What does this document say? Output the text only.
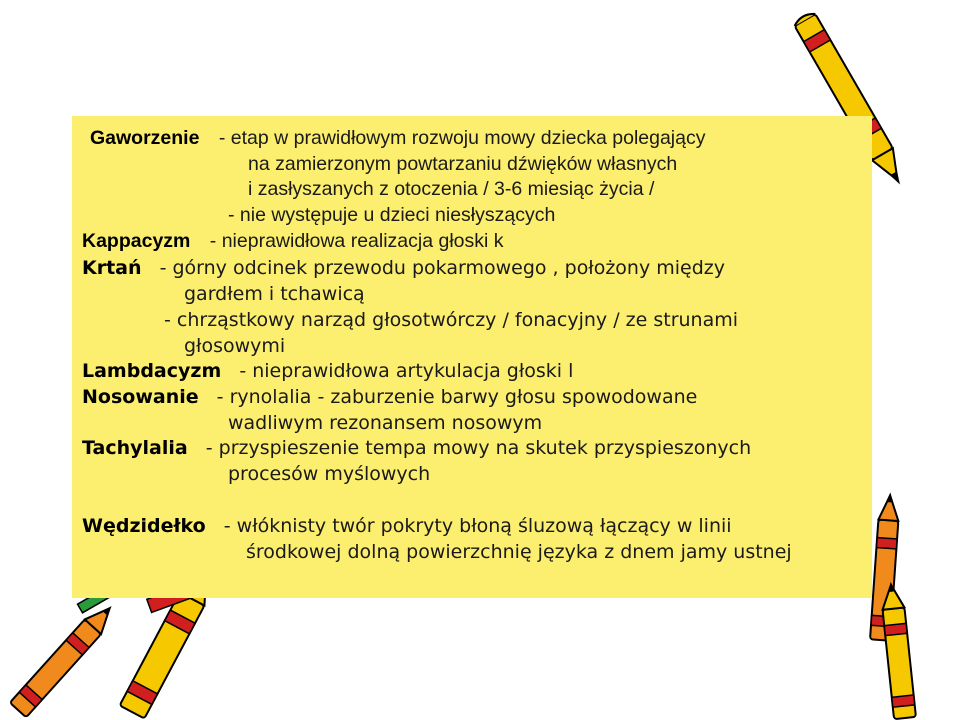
Gaworzenie - etap w prawidłowym rozwoju mowy dziecka polegający
na zamierzonym powtarzaniu dźwięków własnych
i zasłyszanych z otoczenia / 3-6 miesiąc życia /
- nie występuje u dzieci niesłyszących
Kappacyzm - nieprawidłowa realizacja głoski k
Krtań - górny odcinek przewodu pokarmowego , położony między
gardłem i tchawicą
- chrząstkowy narząd głosotwórczy / fonacyjny / ze strunami
głosowymi
Lambdacyzm - nieprawidłowa artykulacja głoski l
Nosowanie - rynolalia - zaburzenie barwy głosu spowodowane
wadliwym rezonansem nosowym
Tachylalia - przyspieszenie tempa mowy na skutek przyspieszonych
procesów myślowych
Wędzidełko - włóknisty twór pokryty błoną śluzową łączący w linii
środkowej dolną powierzchnię języka z dnem jamy ustnej
